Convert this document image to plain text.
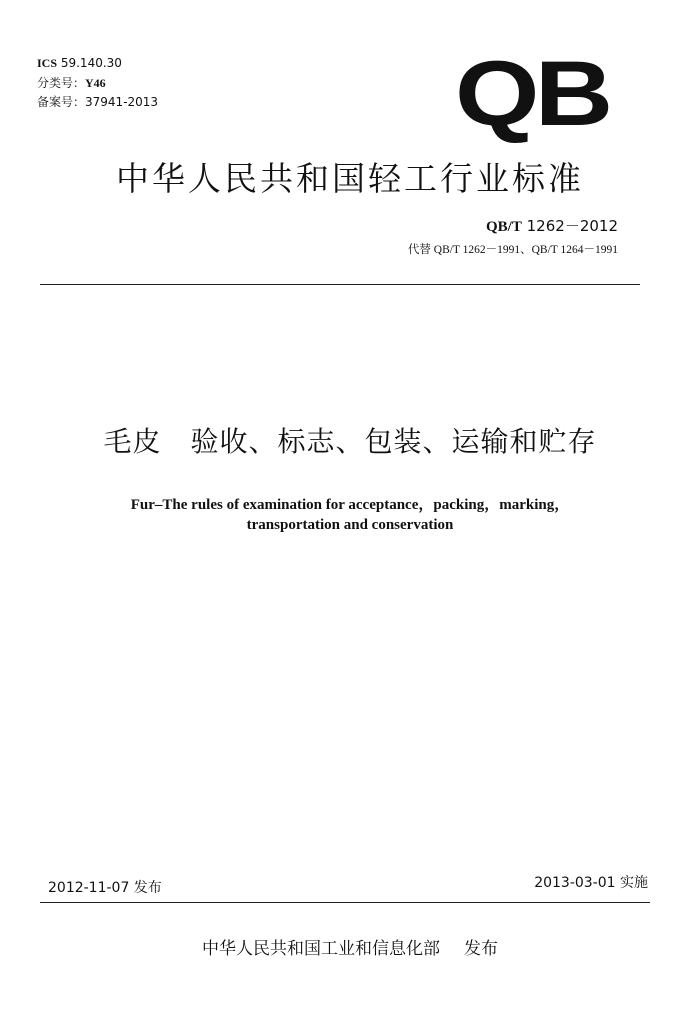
ICS 59.140.30
分类号：Y46
备案号：37941-2013	QB
中华人民共和国轻工行业标准
QB/T 1262－2012
代替 QB/T 1262－1991、QB/T 1264－1991
毛皮　验收、标志、包装、运输和贮存
Fur–The rules of examination for acceptance，packing，marking，
transportation and conservation
2012-11-07 发布	2013-03-01 实施
中华人民共和国工业和信息化部 发布
